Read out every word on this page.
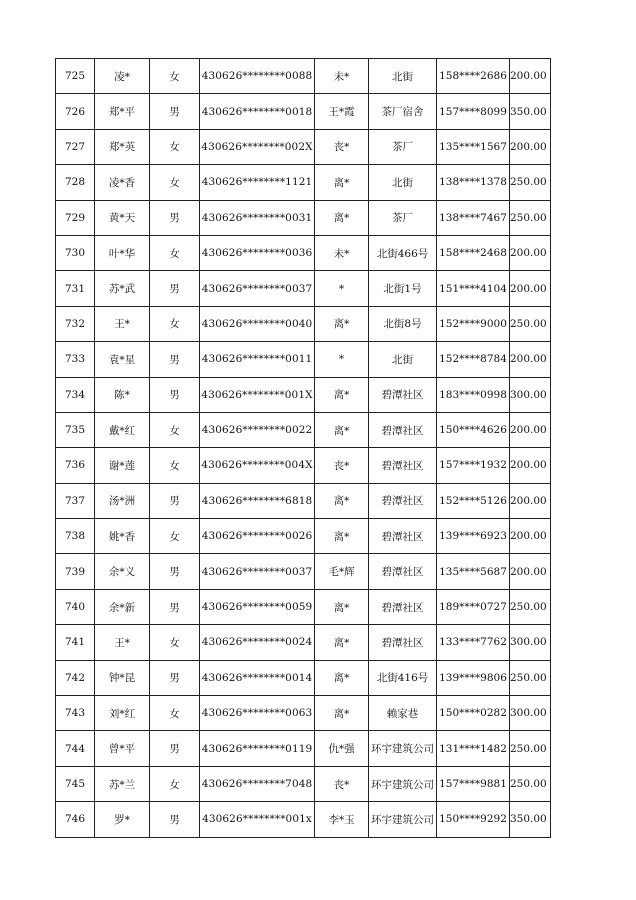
725	凌*	女	430626********0088	未*	北街	158****2686	200.00
726	郑*平	男	430626********0018	王*霞	茶厂宿舍	157****8099	350.00
727	郑*英	女	430626********002X	丧*	茶厂	135****1567	200.00
728	凌*香	女	430626********1121	离*	北街	138****1378	250.00
729	黄*天	男	430626********0031	离*	茶厂	138****7467	250.00
730	叶*华	女	430626********0036	未*	北街466号	158****2468	200.00
731	苏*武	男	430626********0037	*	北街1号	151****4104	200.00
732	王*	女	430626********0040	离*	北街8号	152****9000	250.00
733	袁*星	男	430626********0011	*	北街	152****8784	200.00
734	陈*	男	430626********001X	离*	碧潭社区	183****0998	300.00
735	戴*红	女	430626********0022	离*	碧潭社区	150****4626	200.00
736	谢*莲	女	430626********004X	丧*	碧潭社区	157****1932	200.00
737	汤*洲	男	430626********6818	离*	碧潭社区	152****5126	200.00
738	姚*香	女	430626********0026	离*	碧潭社区	139****6923	200.00
739	余*义	男	430626********0037	毛*辉	碧潭社区	135****5687	200.00
740	余*新	男	430626********0059	离*	碧潭社区	189****0727	250.00
741	王*	女	430626********0024	离*	碧潭社区	133****7762	300.00
742	钟*昆	男	430626********0014	离*	北街416号	139****9806	250.00
743	刘*红	女	430626********0063	离*	赖家巷	150****0282	300.00
744	曾*平	男	430626********0119	仇*强	环宇建筑公司	131****1482	250.00
745	苏*兰	女	430626********7048	丧*	环宇建筑公司	157****9881	250.00
746	罗*	男	430626********001x	李*玉	环宇建筑公司	150****9292	350.00
